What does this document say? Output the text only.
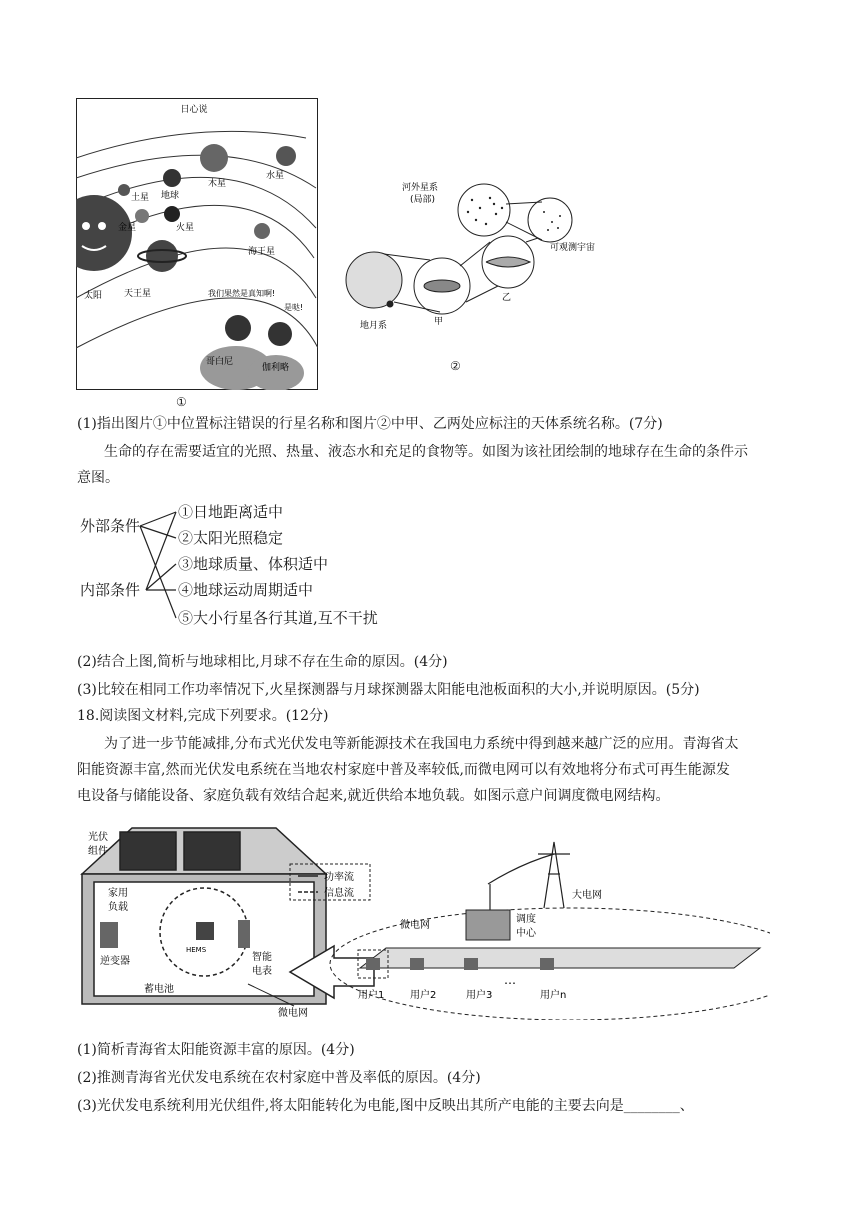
日心说
太阳
土星 地球
木星
水星
金星	火星
天王星
海王星
我们果然是真知啊!
是哒!
哥白尼
伽利略
①
河外星系
(局部)
可观测宇宙
地月系	甲
乙
②
(1)指出图片①中位置标注错误的行星名称和图片②中甲、乙两处应标注的天体系统名称。(7分)
生命的存在需要适宜的光照、热量、液态水和充足的食物等。如图为该社团绘制的地球存在生命的条件示
意图。
外部条件
内部条件
①日地距离适中
②太阳光照稳定
③地球质量、体积适中
④地球运动周期适中
⑤大小行星各行其道,互不干扰
(2)结合上图,简析与地球相比,月球不存在生命的原因。(4分)
(3)比较在相同工作功率情况下,火星探测器与月球探测器太阳能电池板面积的大小,并说明原因。(5分)
18.阅读图文材料,完成下列要求。(12分)
为了进一步节能减排,分布式光伏发电等新能源技术在我国电力系统中得到越来越广泛的应用。青海省太
阳能资源丰富,然而光伏发电系统在当地农村家庭中普及率较低,而微电网可以有效地将分布式可再生能源发
电设备与储能设备、家庭负载有效结合起来,就近供给本地负载。如图示意户间调度微电网结构。
光伏
组件
家用
负载
HEMS
逆变器
蓄电池
智能
电表
微电网
功率流
信息流
微电网
大电网
调度
中心
用户1	用户2	用户3
…
用户n
(1)简析青海省太阳能资源丰富的原因。(4分)
(2)推测青海省光伏发电系统在农村家庭中普及率低的原因。(4分)
(3)光伏发电系统利用光伏组件,将太阳能转化为电能,图中反映出其所产电能的主要去向是________、
